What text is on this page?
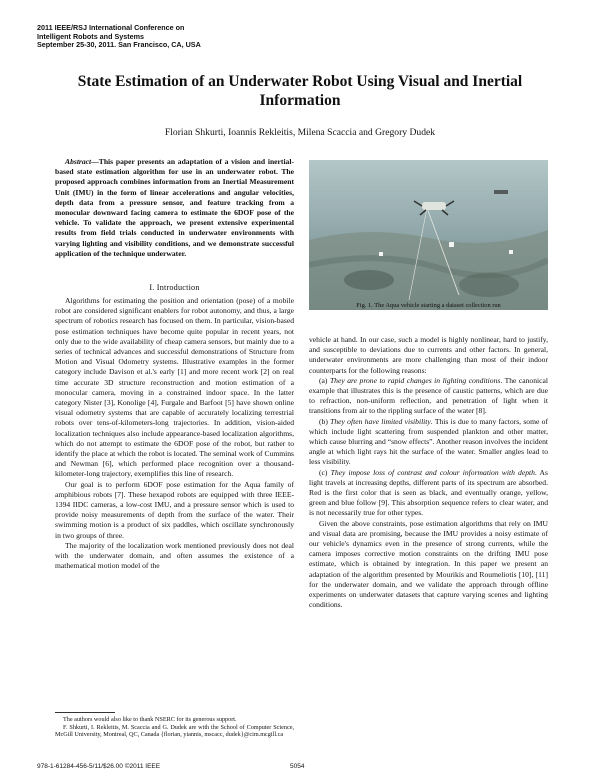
2011 IEEE/RSJ International Conference on
Intelligent Robots and Systems
September 25-30, 2011. San Francisco, CA, USA
State Estimation of an Underwater Robot Using Visual and Inertial Information
Florian Shkurti, Ioannis Rekleitis, Milena Scaccia and Gregory Dudek

Abstract—This paper presents an adaptation of a vision and inertial-based state estimation algorithm for use in an underwater robot. The proposed approach combines information from an Inertial Measurement Unit (IMU) in the form of linear accelerations and angular velocities, depth data from a pressure sensor, and feature tracking from a monocular downward facing camera to estimate the 6DOF pose of the vehicle. To validate the approach, we present extensive experimental results from field trials conducted in underwater environments with varying lighting and visibility conditions, and we demonstrate successful application of the technique underwater.

I. Introduction

Algorithms for estimating the position and orientation (pose) of a mobile robot are considered significant enablers for robot autonomy, and thus, a large spectrum of robotics research has focused on them. In particular, vision-based pose estimation techniques have become quite popular in recent years, not only due to the wide availability of cheap camera sensors, but mainly due to a series of technical advances and successful demonstrations of Structure from Motion and Visual Odometry systems. Illustrative examples in the former category include Davison et al.'s early [1] and more recent work [2] on real time accurate 3D structure reconstruction and motion estimation of a monocular camera, moving in a constrained indoor space. In the latter category Nister [3], Konolige [4], Furgale and Barfoot [5] have shown online visual odometry systems that are capable of accurately localizing terrestrial robots over tens-of-kilometers-long trajectories. In addition, vision-aided localization techniques also include appearance-based localization algorithms, which do not attempt to estimate the 6DOF pose of the robot, but rather to identify the place at which the robot is located. The seminal work of Cummins and Newman [6], which performed place recognition over a thousand-kilometer-long trajectory, exemplifies this line of research.

Our goal is to perform 6DOF pose estimation for the Aqua family of amphibious robots [7]. These hexapod robots are equipped with three IEEE-1394 IIDC cameras, a low-cost IMU, and a pressure sensor which is used to provide noisy measurements of depth from the surface of the water. Their swimming motion is a product of six paddles, which oscillate synchronously in two groups of three.

The majority of the localization work mentioned previously does not deal with the underwater domain, and often assumes the existence of a mathematical motion model of the

The authors would also like to thank NSERC for its generous support.

F. Shkurti, I. Rekleitis, M. Scaccia and G. Dudek are with the School of Computer Science, McGill University, Montreal, QC, Canada {florian, yiannis, mscacc, dudek}@cim.mcgill.ca

Fig. 1. The Aqua vehicle starting a dataset collection run

vehicle at hand. In our case, such a model is highly nonlinear, hard to justify, and susceptible to deviations due to currents and other factors. In general, underwater environments are more challenging than most of their indoor counterparts for the following reasons:

(a) They are prone to rapid changes in lighting conditions. The canonical example that illustrates this is the presence of caustic patterns, which are due to refraction, non-uniform reflection, and penetration of light when it transitions from air to the rippling surface of the water [8].

(b) They often have limited visibility. This is due to many factors, some of which include light scattering from suspended plankton and other matter, which cause blurring and “snow effects”. Another reason involves the incident angle at which light rays hit the surface of the water. Smaller angles lead to less visibility.

(c) They impose loss of contrast and colour information with depth. As light travels at increasing depths, different parts of its spectrum are absorbed. Red is the first color that is seen as black, and eventually orange, yellow, green and blue follow [9]. This absorption sequence refers to clear water, and is not necessarily true for other types.

Given the above constraints, pose estimation algorithms that rely on IMU and visual data are promising, because the IMU provides a noisy estimate of our vehicle's dynamics even in the presence of strong currents, while the camera imposes corrective motion constraints on the drifting IMU pose estimate, which is obtained by integration. In this paper we present an adaptation of the algorithm presented by Mourikis and Roumeliotis [10], [11] for the underwater domain, and we validate the approach through offline experiments on underwater datasets that capture varying scenes and lighting conditions.

978-1-61284-456-5/11/$26.00 ©2011 IEEE	5054
